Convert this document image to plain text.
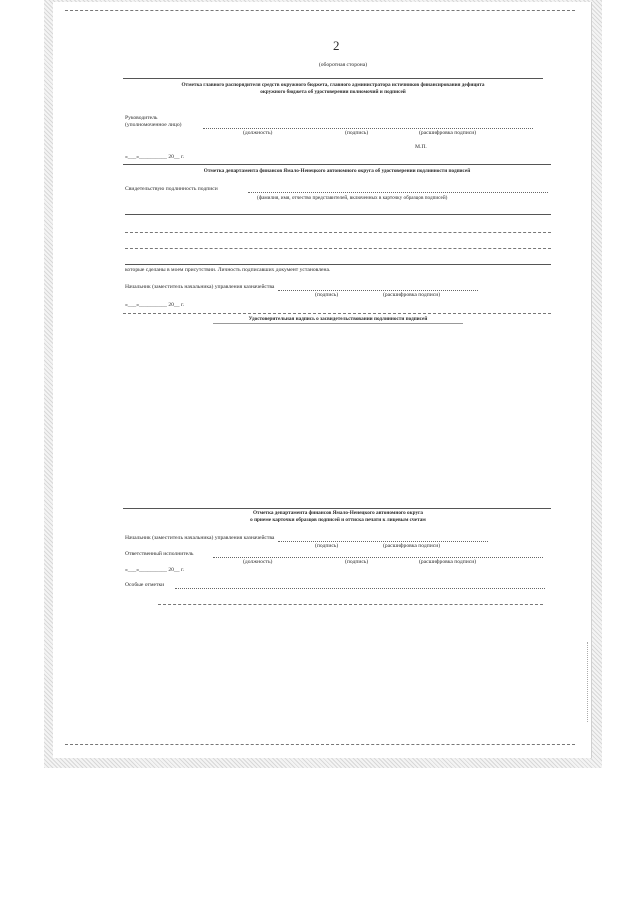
2
(оборотная сторона)
Отметка главного распорядителя средств окружного бюджета, главного администратора источников финансирования дефицита
окружного бюджета об удостоверении полномочий и подписей
Руководитель
(уполномоченное лицо)
(должность)	(подпись)	(расшифровка подписи)
М.П.
«___»__________ 20__ г.
Отметка департамента финансов Ямало-Ненецкого автономного округа об удостоверении подлинности подписей
Свидетельствую подлинность подписи
(фамилия, имя, отчество представителей, включенных в карточку образцов подписей)
которые сделаны в моем присутствии. Личность подписавших документ установлена.
Начальник (заместитель начальника) управления казначейства
(подпись)	(расшифровка подписи)
«___»__________ 20__ г.
Удостоверительная надпись о засвидетельствовании подлинности подписей
Отметка департамента финансов Ямало-Ненецкого автономного округа
о приеме карточки образцов подписей и оттиска печати к лицевым счетам
Начальник (заместитель начальника) управления казначейства
(подпись)	(расшифровка подписи)
Ответственный исполнитель
(должность)	(подпись)	(расшифровка подписи)
«___»__________ 20__ г.
Особые отметки
